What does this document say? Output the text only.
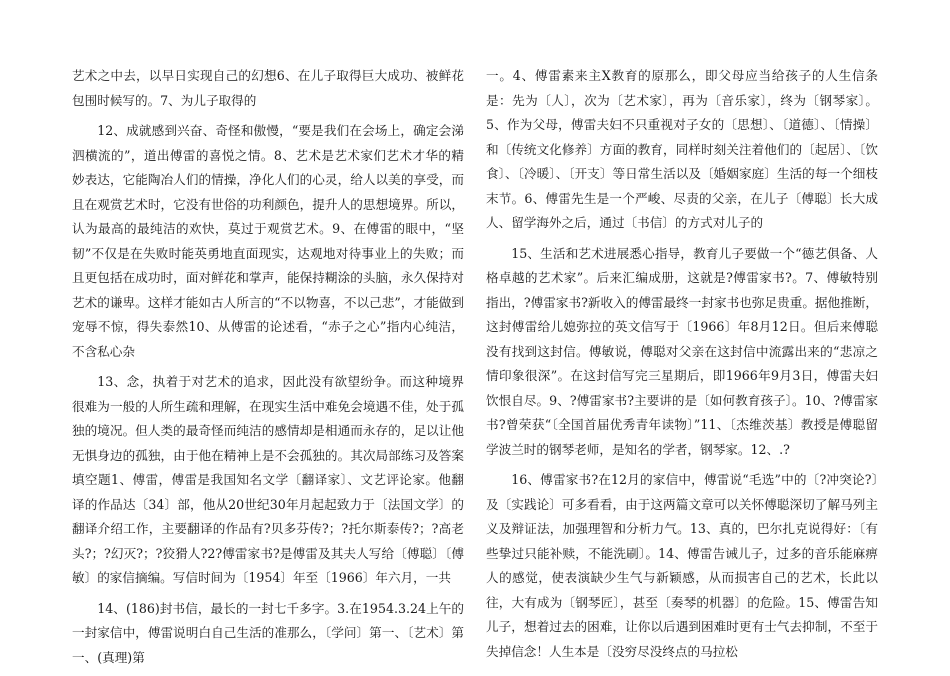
艺术之中去，以早日实现自己的幻想6、在儿子取得巨大成功、被鲜花包围时候写的。7、为儿子取得的

12、成就感到兴奋、奇怪和傲慢，“要是我们在会场上，确定会涕泗横流的”，道出傅雷的喜悦之情。8、艺术是艺术家们艺术才华的精妙表达，它能陶冶人们的情操，净化人们的心灵，给人以美的享受，而且在观赏艺术时，它没有世俗的功利颜色，提升人的思想境界。所以，认为最高的最纯洁的欢快，莫过于观赏艺术。9、在傅雷的眼中，“坚韧”不仅是在失败时能英勇地直面现实，达观地对待事业上的失败；而且更包括在成功时，面对鲜花和掌声，能保持糊涂的头脑，永久保持对艺术的谦卑。这样才能如古人所言的“不以物喜，不以己悲”，才能做到宠辱不惊，得失泰然10、从傅雷的论述看，“赤子之心”指内心纯洁，不含私心杂

13、念，执着于对艺术的追求，因此没有欲望纷争。而这种境界很难为一般的人所生疏和理解，在现实生活中难免会境遇不佳，处于孤独的境况。但人类的最奇怪而纯洁的感情却是相通而永存的，足以让他无惧身边的孤独，由于他在精神上是不会孤独的。其次局部练习及答案填空题1、傅雷，傅雷是我国知名文学〔翻译家〕、文艺评论家。他翻译的作品达〔34〕部，他从20世纪30年月起起致力于〔法国文学〕的翻译介绍工作，主要翻译的作品有?贝多芬传?；?托尔斯泰传?；?高老头?；?幻灭?；?狡猾人?2?傅雷家书?是傅雷及其夫人写给〔傅聪〕〔傅敏〕的家信摘编。写信时间为〔1954〕年至〔1966〕年六月，一共

14、(186)封书信，最长的一封七千多字。3.在1954.3.24上午的一封家信中，傅雷说明白自己生活的准那么，〔学问〕第一、〔艺术〕第一、(真理)第

一。4、傅雷素来主X教育的原那么，即父母应当给孩子的人生信条是：先为〔人〕，次为〔艺术家〕，再为〔音乐家〕，终为〔钢琴家〕。5、作为父母，傅雷夫妇不只重视对子女的〔思想〕、〔道德〕、〔情操〕和〔传统文化修养〕方面的教育，同样时刻关注着他们的〔起居〕、〔饮食〕、〔冷暖〕、〔开支〕等日常生活以及〔婚姻家庭〕生活的每一个细枝末节。6、傅雷先生是一个严峻、尽责的父亲，在儿子〔傅聪〕长大成人、留学海外之后，通过〔书信〕的方式对儿子的

15、生活和艺术进展悉心指导，教育儿子要做一个“德艺俱备、人格卓越的艺术家”。后来汇编成册，这就是?傅雷家书?。7、傅敏特别指出，?傅雷家书?新收入的傅雷最终一封家书也弥足贵重。据他推断，这封傅雷给儿媳弥拉的英文信写于〔1966〕年8月12日。但后来傅聪没有找到这封信。傅敏说，傅聪对父亲在这封信中流露出来的“悲凉之情印象很深”。在这封信写完三星期后，即1966年9月3日，傅雷夫妇饮恨自尽。9、?傅雷家书?主要讲的是〔如何教育孩子〕。10、?傅雷家书?曾荣获“〔全国首届优秀青年读物〕”11、〔杰维茨基〕教授是傅聪留学波兰时的钢琴老师，是知名的学者，钢琴家。12、.?

16、傅雷家书?在12月的家信中，傅雷说“毛选”中的〔?冲突论?〕及〔实践论〕可多看看，由于这两篇文章可以关怀傅聪深切了解马列主义及辩证法，加强理智和分析力气。13、真的，巴尔扎克说得好：〔有些挚过只能补赎，不能洗刷〕。14、傅雷告诫儿子，过多的音乐能麻痹人的感觉，使表演缺少生气与新颖感，从而损害自己的艺术，长此以往，大有成为〔钢琴匠〕，甚至〔奏琴的机器〕的危险。15、傅雷告知儿子，想着过去的困难，让你以后遇到困难时更有士气去抑制，不至于失掉信念！人生本是〔没穷尽没终点的马拉松
